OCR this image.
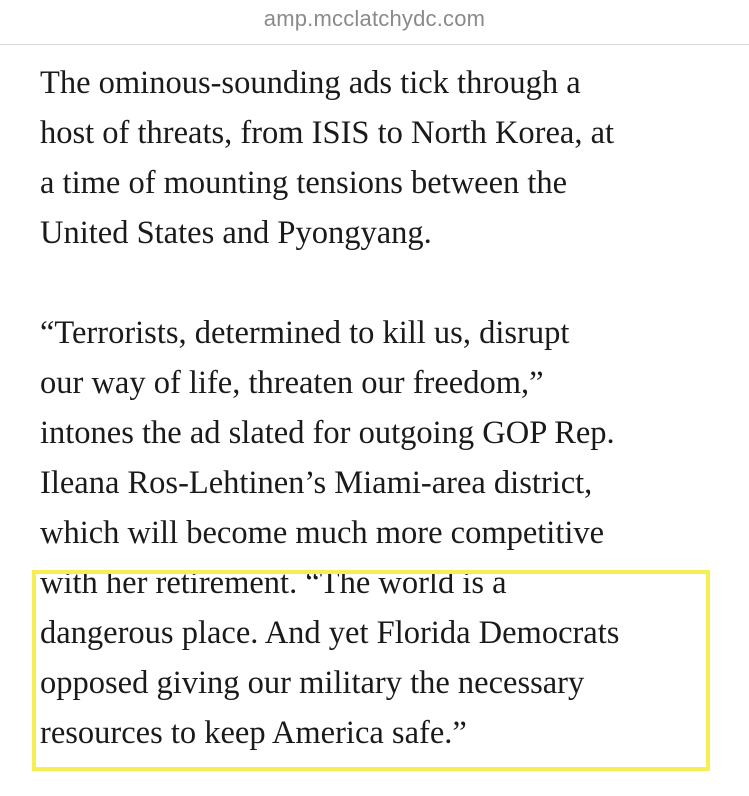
amp.mcclatchydc.com

The ominous-sounding ads tick through a
host of threats, from ISIS to North Korea, at
a time of mounting tensions between the
United States and Pyongyang.

“Terrorists, determined to kill us, disrupt
our way of life, threaten our freedom,”
intones the ad slated for outgoing GOP Rep.
Ileana Ros-Lehtinen’s Miami-area district,
which will become much more competitive
with her retirement. “The world is a
dangerous place. And yet Florida Democrats
opposed giving our military the necessary
resources to keep America safe.”
